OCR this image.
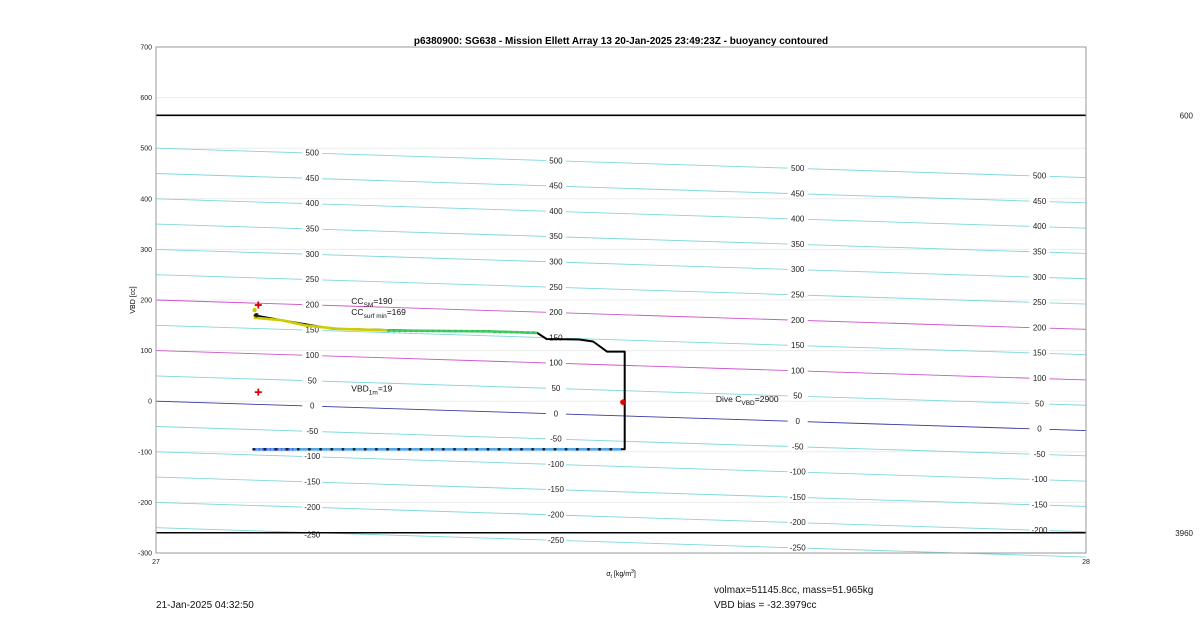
-250
-200
-150
-100
-50
0
50
100
150
200
250
300
350
400
450
500
-250
-200
-150
-100
-50
0
50
100
150
200
250
300
350
400
450
500
-250
-200
-150
-100
-50
0
50
100
150
200
250
300
350
400
450
500
-200
-150
-100
-50
0
50
100
150
200
250
300
350
400
450
500
600
3960
-300
-200
-100
0
100
200
300
400
500
600
700
27	28
$CC_{SM}=190$
$CC_{surf min}=169$
$VBD_{1m}=19$
Dive $C_{VBD}=2900$
p6380900: SG638 - Mission Ellett Array 13 20-Jan-2025 23:49:23Z - buoyancy contoured
VBD [cc]
$\sigma_t$ $[kg/m^3]$
21-Jan-2025 04:32:50
volmax=51145.8cc, mass=51.965kg
VBD bias = -32.3979cc
